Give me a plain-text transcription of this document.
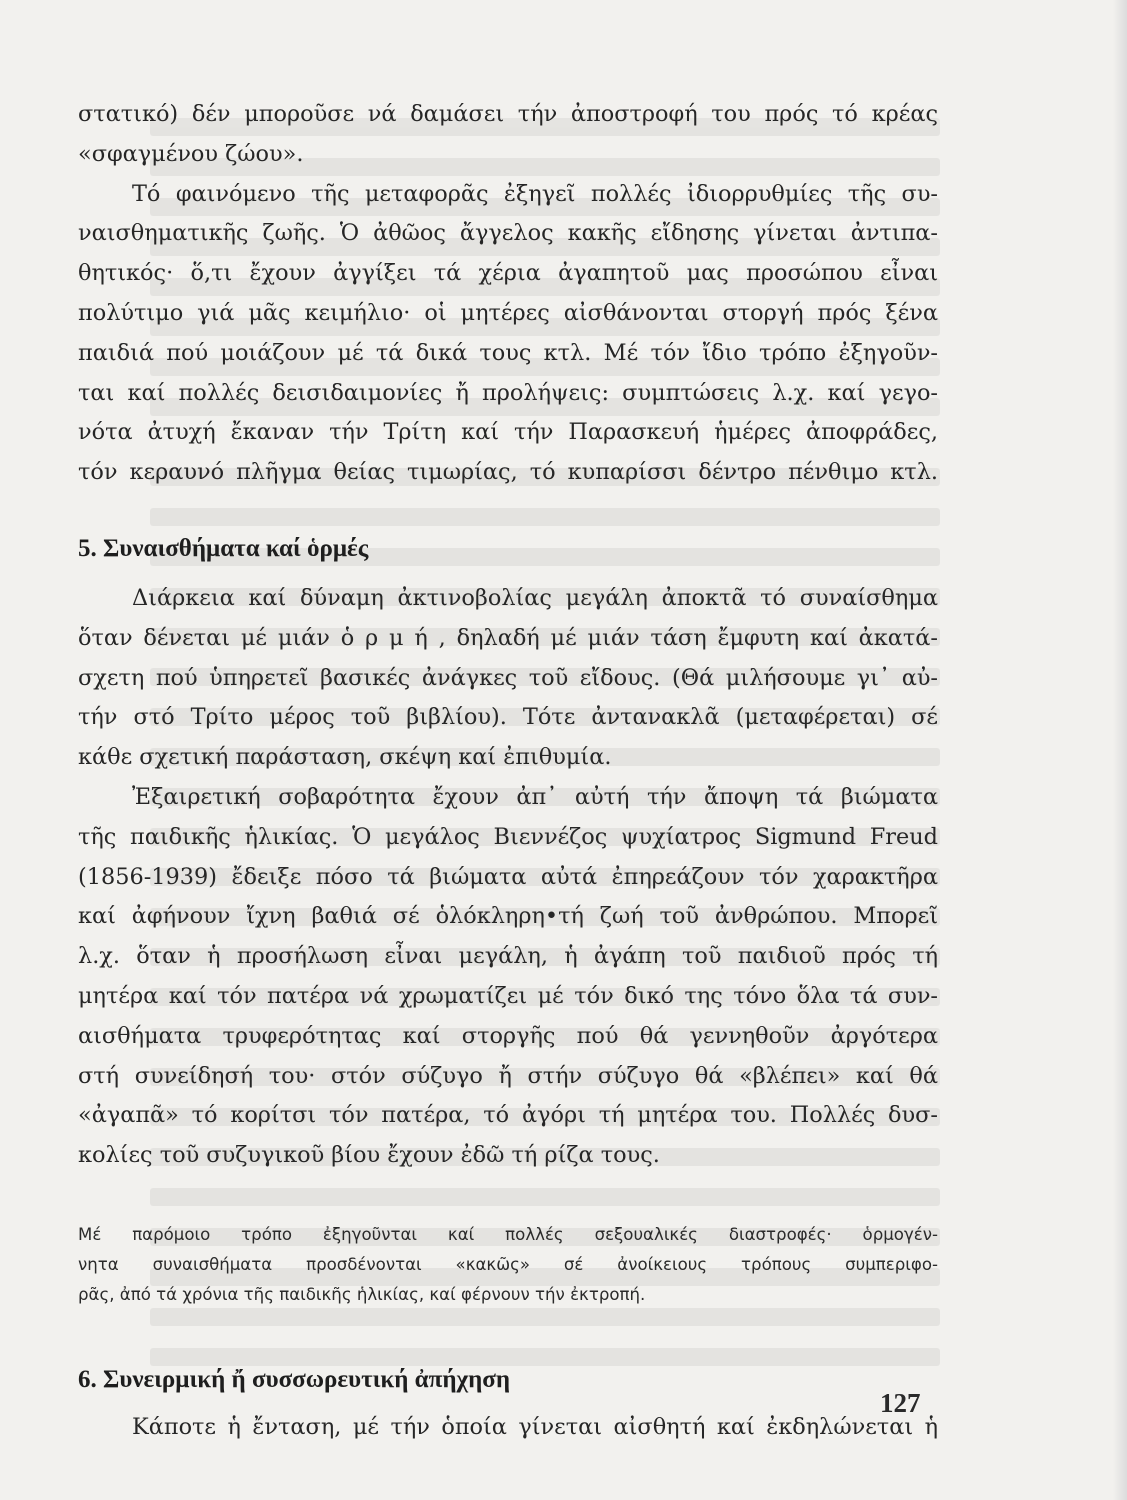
στατικό) δέν μποροῦσε νά δαμάσει τήν ἀποστροφή του πρός τό κρέας
«σφαγμένου ζώου».
Τό φαινόμενο τῆς μεταφορᾶς ἐξηγεῖ πολλές ἰδιορρυθμίες τῆς συ-
ναισθηματικῆς ζωῆς. Ὁ ἀθῶος ἄγγελος κακῆς εἴδησης γίνεται ἀντιπα-
θητικός· ὅ,τι ἔχουν ἀγγίξει τά χέρια ἀγαπητοῦ μας προσώπου εἶναι
πολύτιμο γιά μᾶς κειμήλιο· οἱ μητέρες αἰσθάνονται στοργή πρός ξένα
παιδιά πού μοιάζουν μέ τά δικά τους κτλ. Μέ τόν ἴδιο τρόπο ἐξηγοῦν-
ται καί πολλές δεισιδαιμονίες ἤ προλήψεις: συμπτώσεις λ.χ. καί γεγο-
νότα ἀτυχή ἔκαναν τήν Τρίτη καί τήν Παρασκευή ἡμέρες ἀποφράδες,
τόν κεραυνό πλῆγμα θείας τιμωρίας, τό κυπαρίσσι δέντρο πένθιμο κτλ.
5. Συναισθήματα καί ὁρμές
Διάρκεια καί δύναμη ἀκτινοβολίας μεγάλη ἀποκτᾶ τό συναίσθημα
ὅταν δένεται μέ μιάν ὁ ρ μ ή , δηλαδή μέ μιάν τάση ἔμφυτη καί ἀκατά-
σχετη πού ὑπηρετεῖ βασικές ἀνάγκες τοῦ εἴδους. (Θά μιλήσουμε γι᾽ αὐ-
τήν στό Τρίτο μέρος τοῦ βιβλίου). Τότε ἀντανακλᾶ (μεταφέρεται) σέ
κάθε σχετική παράσταση, σκέψη καί ἐπιθυμία.
Ἐξαιρετική σοβαρότητα ἔχουν ἀπ᾽ αὐτή τήν ἄποψη τά βιώματα
τῆς παιδικῆς ἡλικίας. Ὁ μεγάλος Βιεννέζος ψυχίατρος Sigmund Freud
(1856-1939) ἔδειξε πόσο τά βιώματα αὐτά ἐπηρεάζουν τόν χαρακτῆρα
καί ἀφήνουν ἴχνη βαθιά σέ ὁλόκληρη•τή ζωή τοῦ ἀνθρώπου. Μπορεῖ
λ.χ. ὅταν ἡ προσήλωση εἶναι μεγάλη, ἡ ἀγάπη τοῦ παιδιοῦ πρός τή
μητέρα καί τόν πατέρα νά χρωματίζει μέ τόν δικό της τόνο ὅλα τά συν-
αισθήματα τρυφερότητας καί στοργῆς πού θά γεννηθοῦν ἀργότερα
στή συνείδησή του· στόν σύζυγο ἤ στήν σύζυγο θά «βλέπει» καί θά
«ἀγαπᾶ» τό κορίτσι τόν πατέρα, τό ἀγόρι τή μητέρα του. Πολλές δυσ-
κολίες τοῦ συζυγικοῦ βίου ἔχουν ἐδῶ τή ρίζα τους.
Μέ παρόμοιο τρόπο ἐξηγοῦνται καί πολλές σεξουαλικές διαστροφές· ὁρμογέν-
νητα συναισθήματα προσδένονται «κακῶς» σέ ἀνοίκειους τρόπους συμπεριφο-
ρᾶς, ἀπό τά χρόνια τῆς παιδικῆς ἡλικίας, καί φέρνουν τήν ἐκτροπή.
6. Συνειρμική ἤ συσσωρευτική ἀπήχηση
Κάποτε ἡ ἔνταση, μέ τήν ὁποία γίνεται αἰσθητή καί ἐκδηλώνεται ἡ
127
